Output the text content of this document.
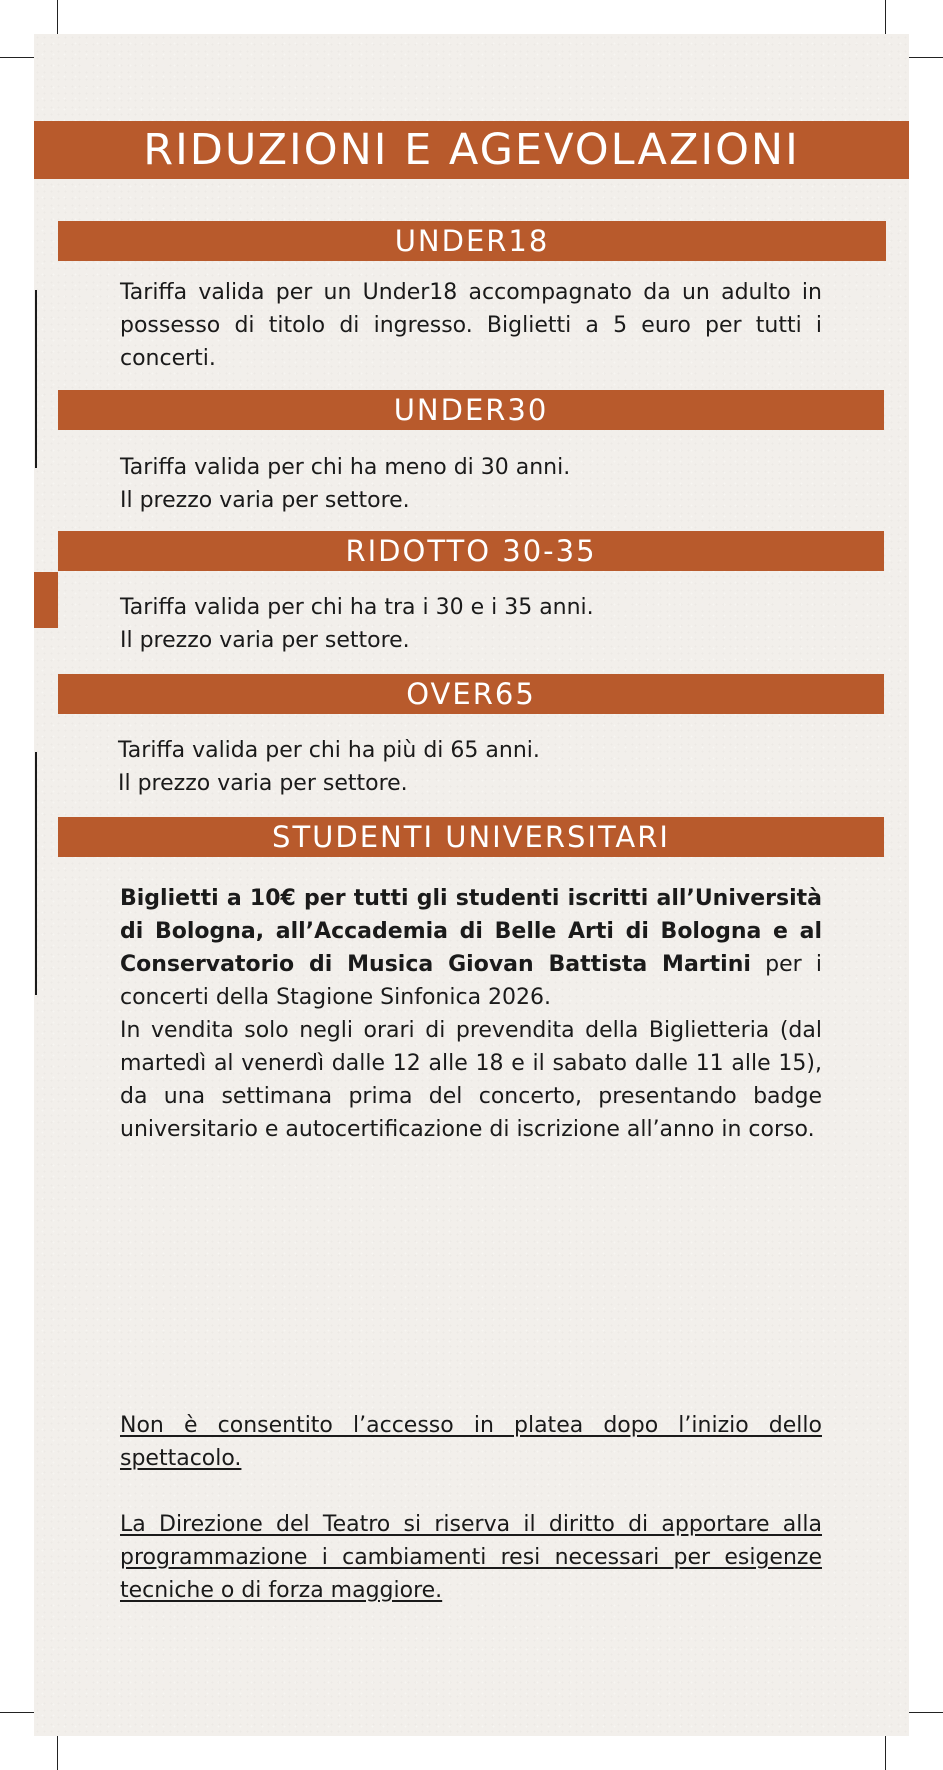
RIDUZIONI E AGEVOLAZIONI
UNDER18

Tariffa valida per un Under18 accompagnato da un adulto in possesso di titolo di ingresso. Biglietti a 5 euro per tutti i concerti.

UNDER30
Tariffa valida per chi ha meno di 30 anni.
Il prezzo varia per settore.
RIDOTTO 30-35
Tariffa valida per chi ha tra i 30 e i 35 anni.
Il prezzo varia per settore.
OVER65
Tariffa valida per chi ha più di 65 anni.
Il prezzo varia per settore.
STUDENTI UNIVERSITARI

Biglietti a 10€ per tutti gli studenti iscritti all’Università di Bologna, all’Accademia di Belle Arti di Bologna e al Conservatorio di Musica Giovan Battista Martini per i concerti della Stagione Sinfonica 2026.

In vendita solo negli orari di prevendita della Biglietteria (dal martedì al venerdì dalle 12 alle 18 e il sabato dalle 11 alle 15), da una settimana prima del concerto, presentando badge universitario e autocertificazione di iscrizione all’anno in corso.

Non è consentito l’accesso in platea dopo l’inizio dello spettacolo.

La Direzione del Teatro si riserva il diritto di apportare alla programmazione i cambiamenti resi necessari per esigenze tecniche o di forza maggiore.
